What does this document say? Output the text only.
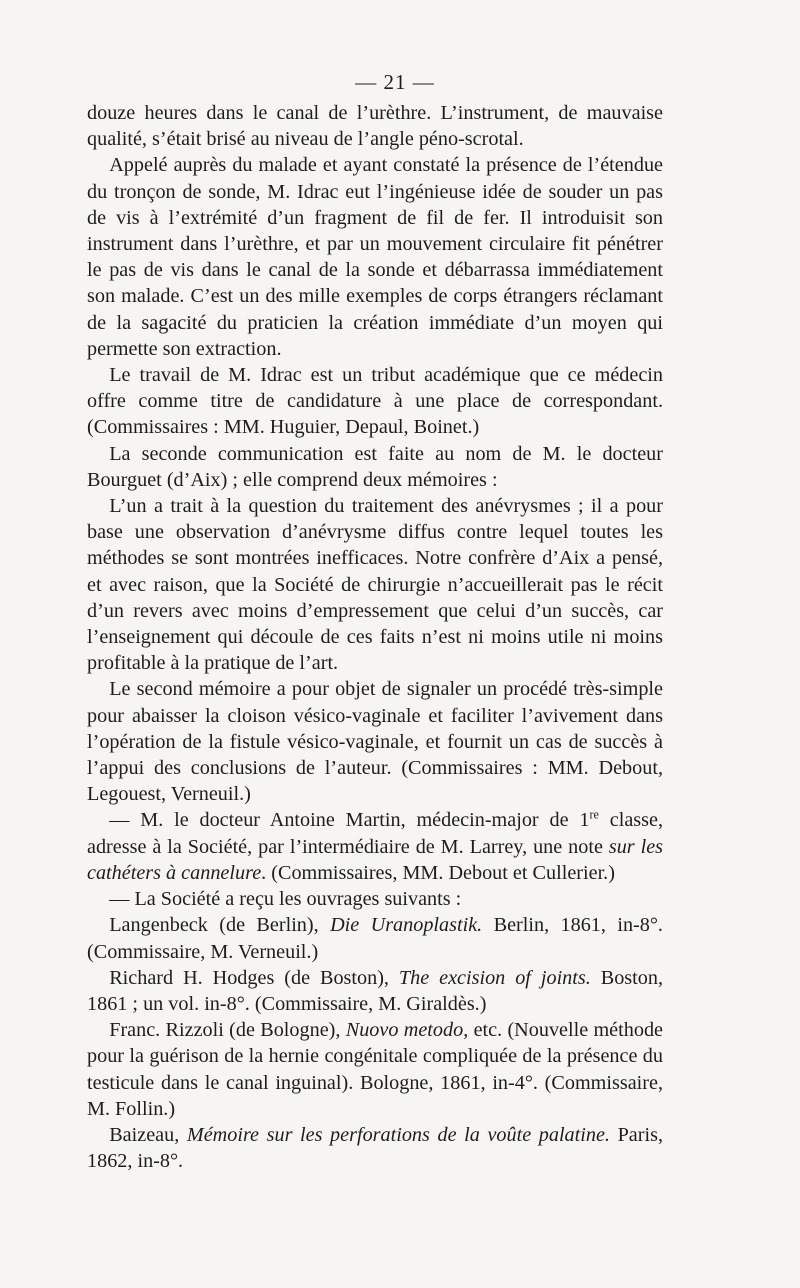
— 21 —

douze heures dans le canal de l’urèthre. L’instrument, de mauvaise qualité, s’était brisé au niveau de l’angle péno-scrotal.

Appelé auprès du malade et ayant constaté la présence de l’étendue du tronçon de sonde, M. Idrac eut l’ingénieuse idée de souder un pas de vis à l’extrémité d’un fragment de fil de fer. Il introduisit son instrument dans l’urèthre, et par un mouvement circulaire fit pénétrer le pas de vis dans le canal de la sonde et débarrassa immédiatement son malade. C’est un des mille exemples de corps étrangers réclamant de la sagacité du praticien la création immédiate d’un moyen qui permette son extraction.

Le travail de M. Idrac est un tribut académique que ce médecin offre comme titre de candidature à une place de correspondant. (Commissaires : MM. Huguier, Depaul, Boinet.)

La seconde communication est faite au nom de M. le docteur Bourguet (d’Aix) ; elle comprend deux mémoires :

L’un a trait à la question du traitement des anévrysmes ; il a pour base une observation d’anévrysme diffus contre lequel toutes les méthodes se sont montrées inefficaces. Notre confrère d’Aix a pensé, et avec raison, que la Société de chirurgie n’accueillerait pas le récit d’un revers avec moins d’empressement que celui d’un succès, car l’enseignement qui découle de ces faits n’est ni moins utile ni moins profitable à la pratique de l’art.

Le second mémoire a pour objet de signaler un procédé très-simple pour abaisser la cloison vésico-vaginale et faciliter l’avivement dans l’opération de la fistule vésico-vaginale, et fournit un cas de succès à l’appui des conclusions de l’auteur. (Commissaires : MM. Debout, Legouest, Verneuil.)

— M. le docteur Antoine Martin, médecin-major de 1re classe, adresse à la Société, par l’intermédiaire de M. Larrey, une note sur les cathéters à cannelure. (Commissaires, MM. Debout et Cullerier.)

— La Société a reçu les ouvrages suivants :

Langenbeck (de Berlin), Die Uranoplastik. Berlin, 1861, in-8°. (Commissaire, M. Verneuil.)

Richard H. Hodges (de Boston), The excision of joints. Boston, 1861 ; un vol. in-8°. (Commissaire, M. Giraldès.)

Franc. Rizzoli (de Bologne), Nuovo metodo, etc. (Nouvelle méthode pour la guérison de la hernie congénitale compliquée de la présence du testicule dans le canal inguinal). Bologne, 1861, in-4°. (Commissaire, M. Follin.)

Baizeau, Mémoire sur les perforations de la voûte palatine. Paris, 1862, in-8°.
